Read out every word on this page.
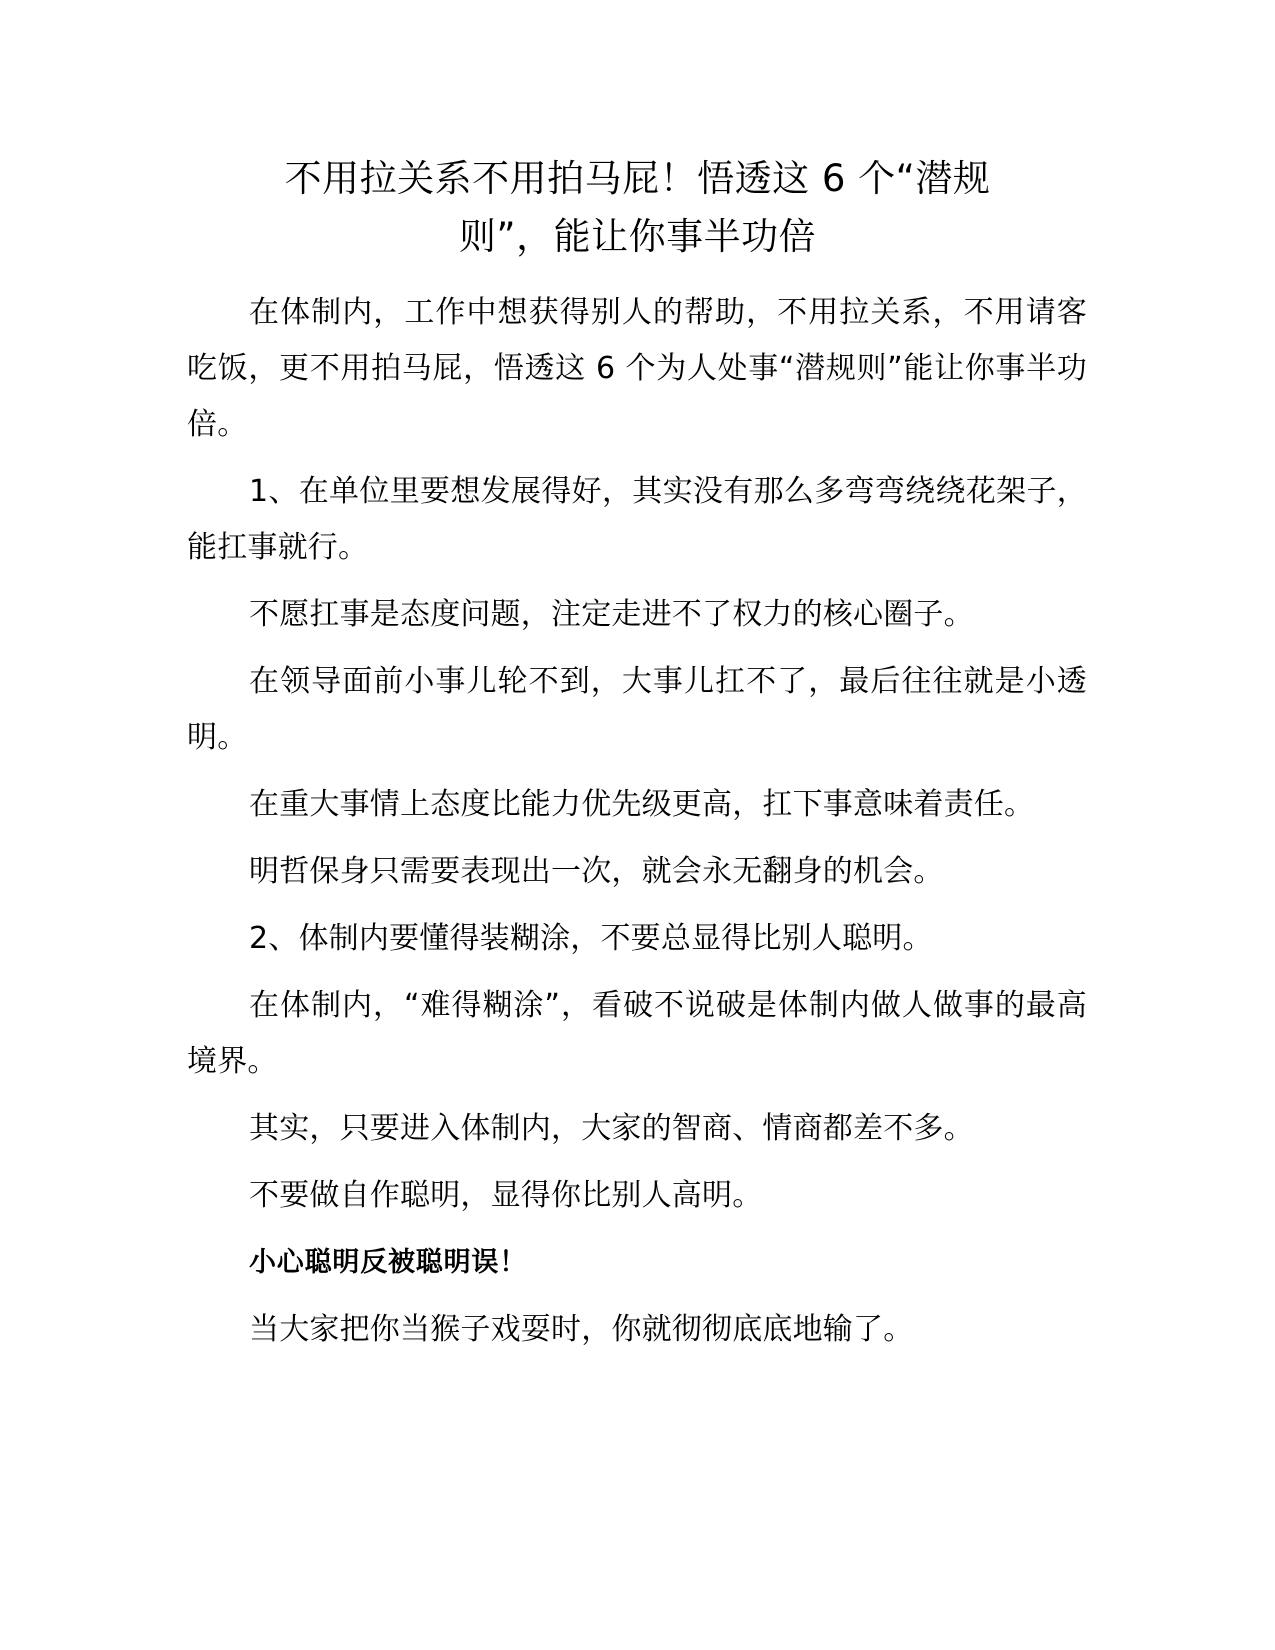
不用拉关系不用拍马屁！悟透这 6 个“潜规
则”，能让你事半功倍

在体制内，工作中想获得别人的帮助，不用拉关系，不用请客吃饭，更不用拍马屁，悟透这 6 个为人处事“潜规则”能让你事半功倍。

1、在单位里要想发展得好，其实没有那么多弯弯绕绕花架子，能扛事就行。

不愿扛事是态度问题，注定走进不了权力的核心圈子。

在领导面前小事儿轮不到，大事儿扛不了，最后往往就是小透明。

在重大事情上态度比能力优先级更高，扛下事意味着责任。

明哲保身只需要表现出一次，就会永无翻身的机会。

2、体制内要懂得装糊涂，不要总显得比别人聪明。

在体制内，“难得糊涂”，看破不说破是体制内做人做事的最高境界。

其实，只要进入体制内，大家的智商、情商都差不多。

不要做自作聪明，显得你比别人高明。

小心聪明反被聪明误！

当大家把你当猴子戏耍时，你就彻彻底底地输了。
